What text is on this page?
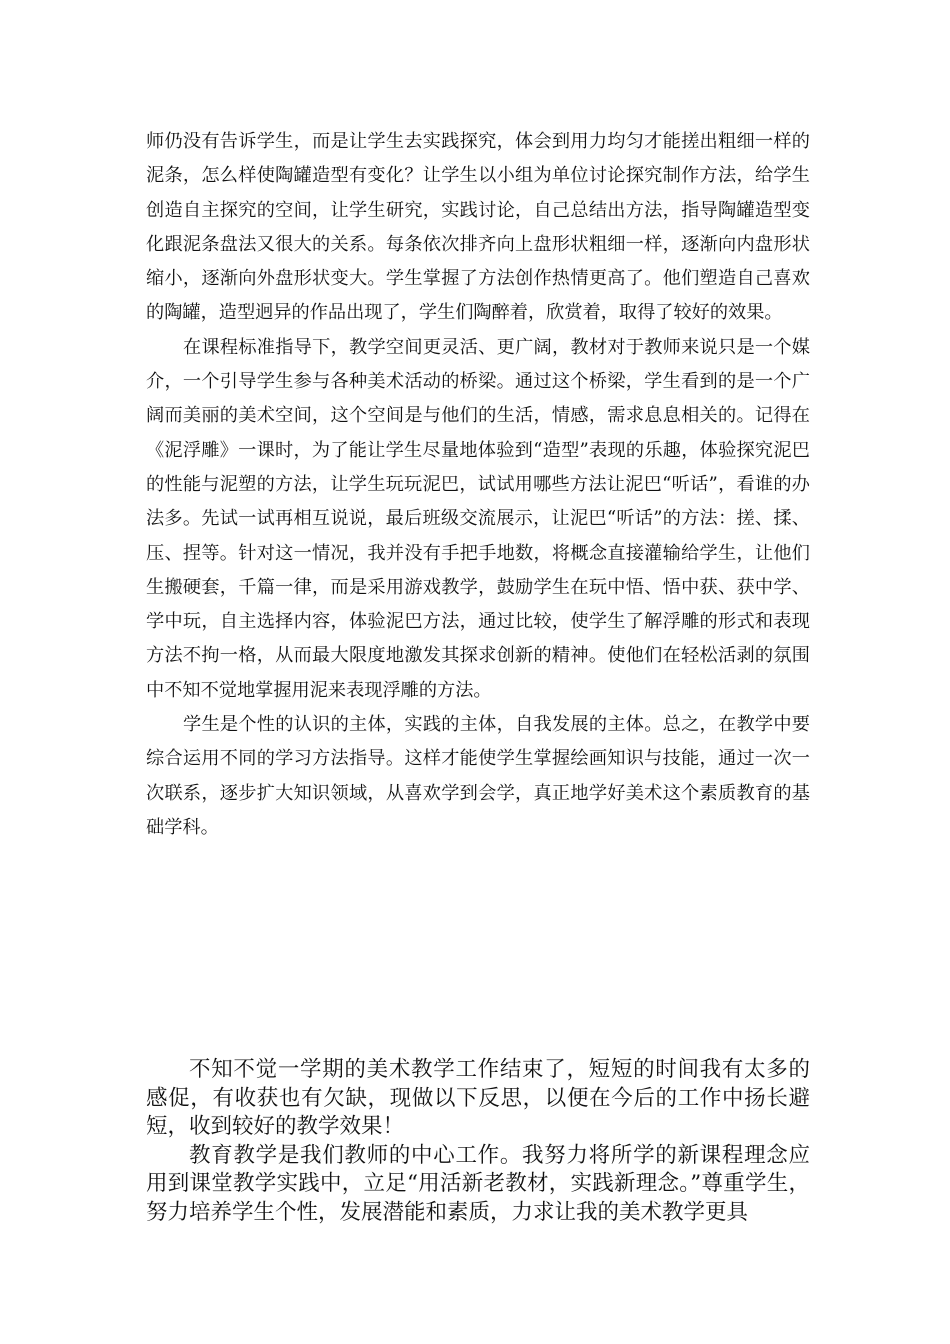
师仍没有告诉学生，而是让学生去实践探究，体会到用力均匀才能搓出粗细一样的泥条，怎么样使陶罐造型有变化？让学生以小组为单位讨论探究制作方法，给学生创造自主探究的空间，让学生研究，实践讨论，自己总结出方法，指导陶罐造型变化跟泥条盘法又很大的关系。每条依次排齐向上盘形状粗细一样，逐渐向内盘形状缩小，逐渐向外盘形状变大。学生掌握了方法创作热情更高了。他们塑造自己喜欢的陶罐，造型迥异的作品出现了，学生们陶醉着，欣赏着，取得了较好的效果。

在课程标准指导下，教学空间更灵活、更广阔，教材对于教师来说只是一个媒介，一个引导学生参与各种美术活动的桥梁。通过这个桥梁，学生看到的是一个广阔而美丽的美术空间，这个空间是与他们的生活，情感，需求息息相关的。记得在《泥浮雕》一课时，为了能让学生尽量地体验到“造型”表现的乐趣，体验探究泥巴的性能与泥塑的方法，让学生玩玩泥巴，试试用哪些方法让泥巴“听话”，看谁的办法多。先试一试再相互说说，最后班级交流展示，让泥巴“听话”的方法：搓、揉、压、捏等。针对这一情况，我并没有手把手地数，将概念直接灌输给学生，让他们生搬硬套，千篇一律，而是采用游戏教学，鼓励学生在玩中悟、悟中获、获中学、学中玩，自主选择内容，体验泥巴方法，通过比较，使学生了解浮雕的形式和表现方法不拘一格，从而最大限度地激发其探求创新的精神。使他们在轻松活剥的氛围中不知不觉地掌握用泥来表现浮雕的方法。

学生是个性的认识的主体，实践的主体，自我发展的主体。总之，在教学中要综合运用不同的学习方法指导。这样才能使学生掌握绘画知识与技能，通过一次一次联系，逐步扩大知识领域，从喜欢学到会学，真正地学好美术这个素质教育的基础学科。

不知不觉一学期的美术教学工作结束了，短短的时间我有太多的感促，有收获也有欠缺，现做以下反思，以便在今后的工作中扬长避短，收到较好的教学效果！

教育教学是我们教师的中心工作。我努力将所学的新课程理念应用到课堂教学实践中，立足“用活新老教材，实践新理念。”尊重学生，努力培养学生个性，发展潜能和素质，力求让我的美术教学更具
